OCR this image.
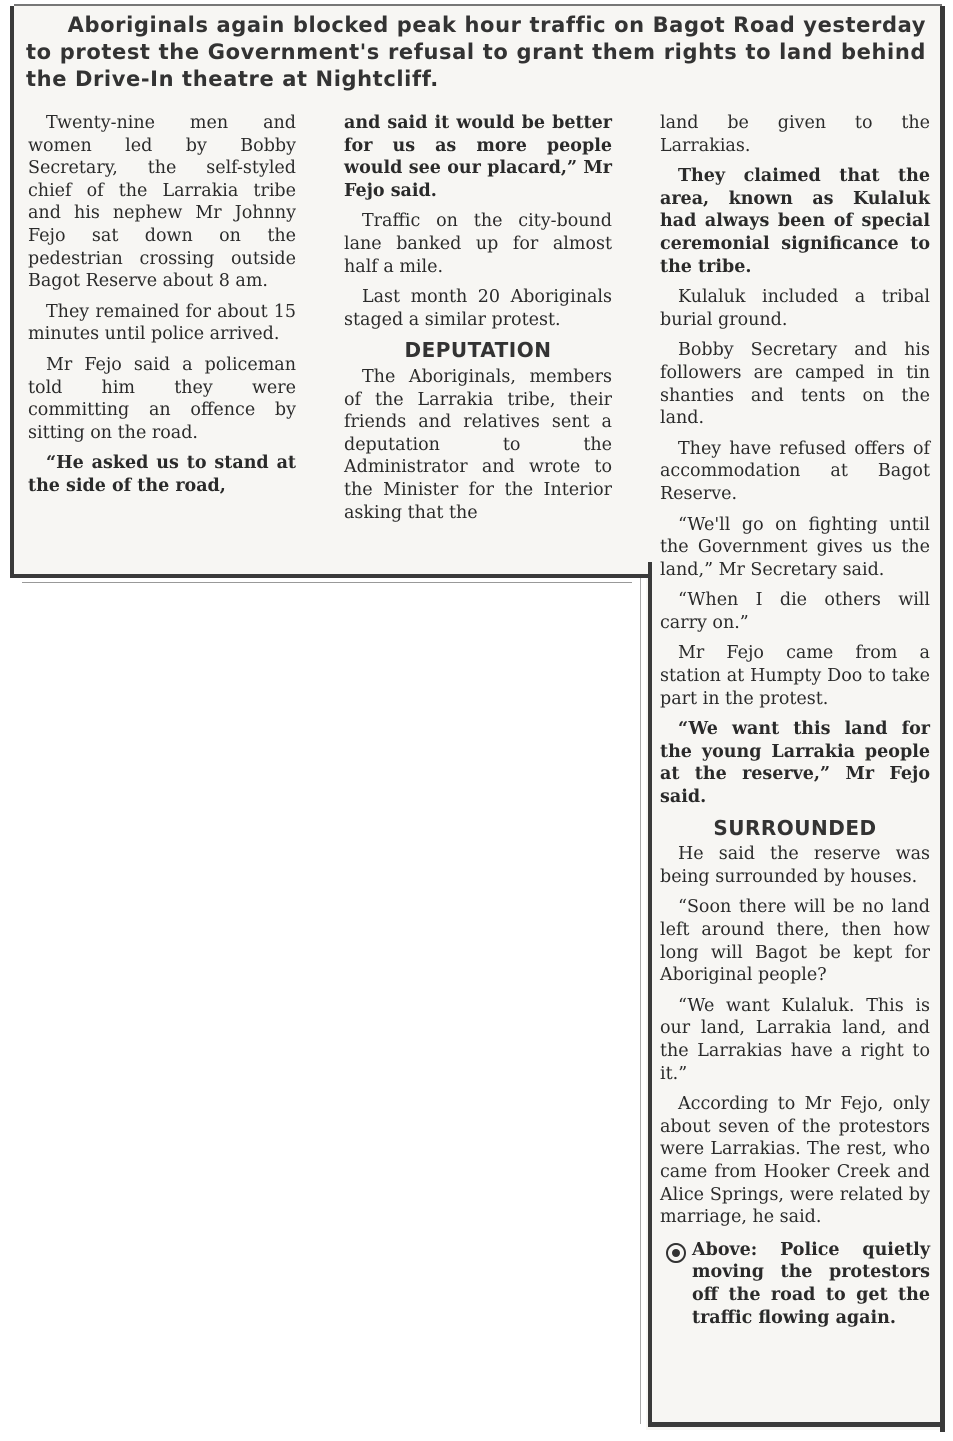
Aboriginals again blocked peak hour traffic on Bagot Road yesterday
to protest the Government's refusal to grant them rights to land behind
the Drive-In theatre at Nightcliff.

Twenty-nine men and women led by Bobby Secretary, the self-styled chief of the Larrakia tribe and his nephew Mr Johnny Fejo sat down on the pedestrian crossing outside Bagot Reserve about 8 am.

They remained for about 15 minutes until police arrived.

Mr Fejo said a policeman told him they were committing an offence by sitting on the road.

“He asked us to stand at the side of the road,

and said it would be better for us as more people would see our placard,” Mr Fejo said.

Traffic on the city-bound lane banked up for almost half a mile.

Last month 20 Aboriginals staged a similar protest.

DEPUTATION

The Aboriginals, members of the Larrakia tribe, their friends and relatives sent a deputation to the Administrator and wrote to the Minister for the Interior asking that the

land be given to the Larrakias.

They claimed that the area, known as Kulaluk had always been of special ceremonial significance to the tribe.

Kulaluk included a tribal burial ground.

Bobby Secretary and his followers are camped in tin shanties and tents on the land.

They have refused offers of accommodation at Bagot Reserve.

“We'll go on fighting until the Government gives us the land,” Mr Secretary said.

“When I die others will carry on.”

Mr Fejo came from a station at Humpty Doo to take part in the protest.

“We want this land for the young Larrakia people at the reserve,” Mr Fejo said.

SURROUNDED

He said the reserve was being surrounded by houses.

“Soon there will be no land left around there, then how long will Bagot be kept for Aboriginal people?

“We want Kulaluk. This is our land, Larrakia land, and the Larrakias have a right to it.”

According to Mr Fejo, only about seven of the protestors were Larrakias. The rest, who came from Hooker Creek and Alice Springs, were related by marriage, he said.

Above: Police quietly moving the protestors off the road to get the traffic flowing again.
